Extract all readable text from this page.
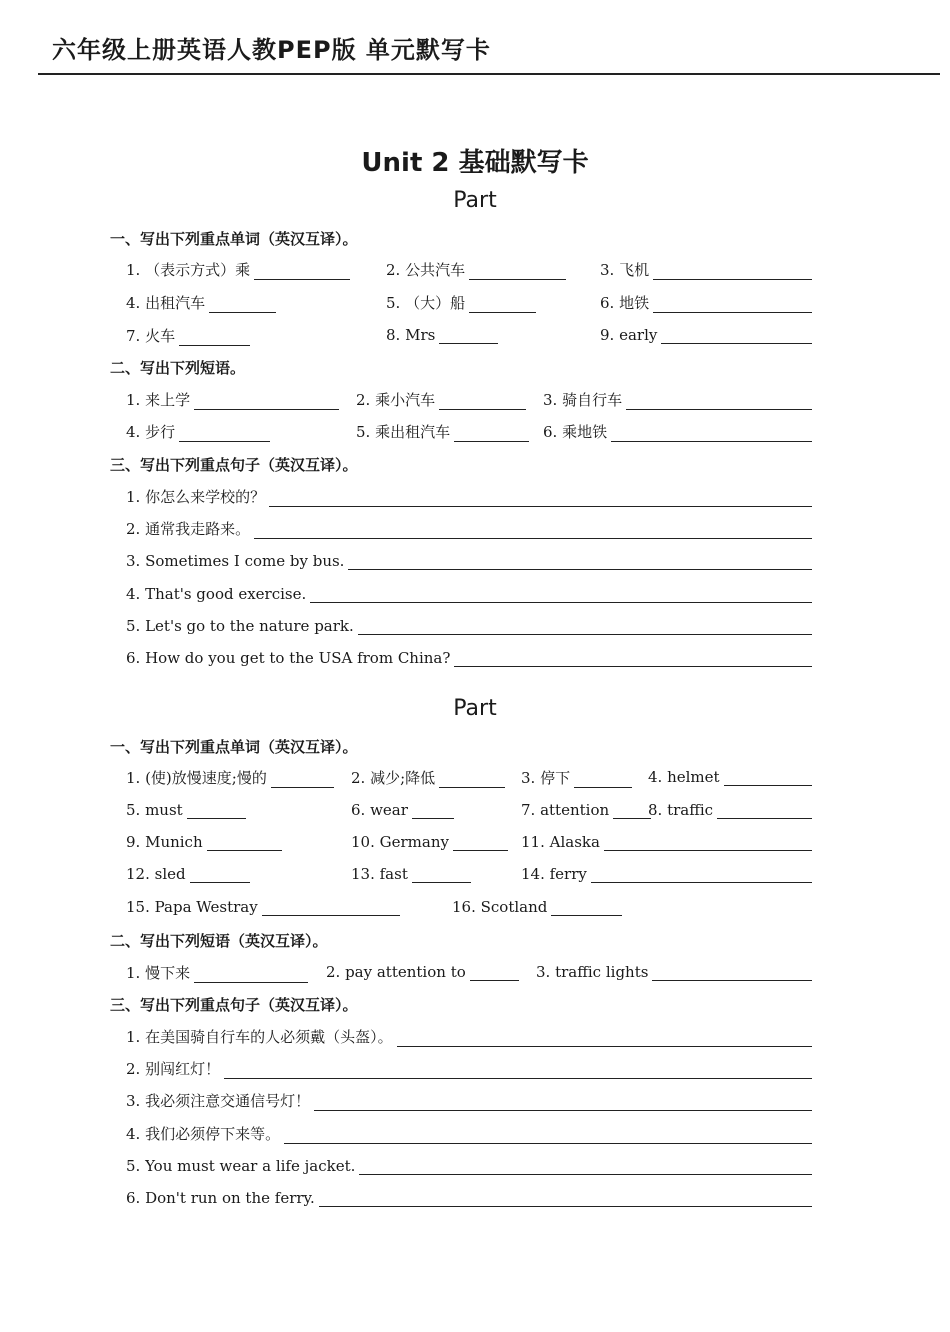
六年级上册英语人教PEP版 单元默写卡
Unit 2 基础默写卡
Part
一、写出下列重点单词（英汉互译）。
1. （表示方式）乘	2. 公共汽车	3. 飞机
4. 出租汽车	5. （大）船	6. 地铁
7. 火车	8. Mrs	9. early
二、写出下列短语。
1. 来上学	2. 乘小汽车	3. 骑自行车
4. 步行	5. 乘出租汽车	6. 乘地铁
三、写出下列重点句子（英汉互译）。
1. 你怎么来学校的？
2. 通常我走路来。
3. Sometimes I come by bus.
4. That's good exercise.
5. Let's go to the nature park.
6. How do you get to the USA from China?
Part
一、写出下列重点单词（英汉互译）。
1. (使)放慢速度;慢的	2. 减少;降低	3. 停下	4. helmet
5. must	6. wear	7. attention	8. traffic
9. Munich	10. Germany	11. Alaska
12. sled	13. fast	14. ferry
15. Papa Westray	16. Scotland
二、写出下列短语（英汉互译）。
1. 慢下来	2. pay attention to	3. traffic lights
三、写出下列重点句子（英汉互译）。
1. 在美国骑自行车的人必须戴（头盔）。
2. 别闯红灯！
3. 我必须注意交通信号灯！
4. 我们必须停下来等。
5. You must wear a life jacket.
6. Don't run on the ferry.
